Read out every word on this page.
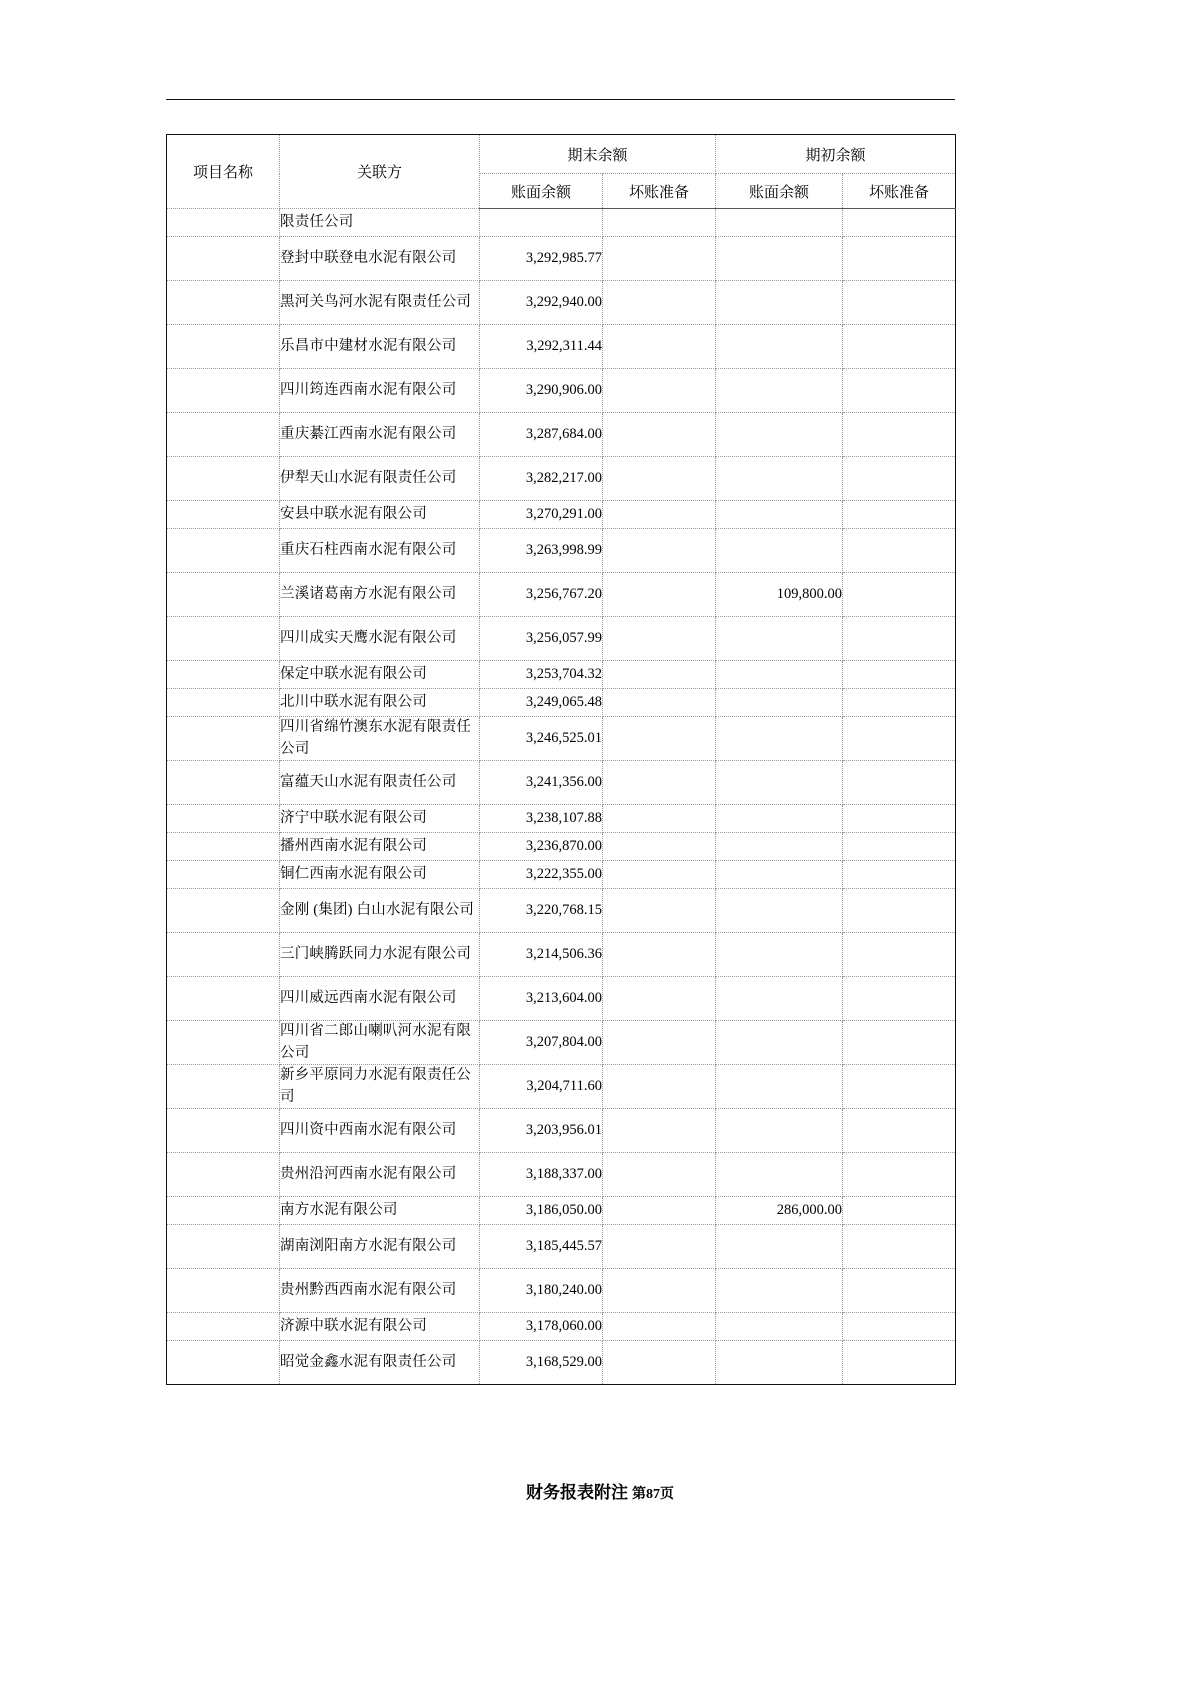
项目名称	关联方	期末余额		期初余额	
		账面余额	坏账准备	账面余额	坏账准备
	限责任公司				
	登封中联登电水泥有限公司	3,292,985.77			
	黑河关鸟河水泥有限责任公司	3,292,940.00			
	乐昌市中建材水泥有限公司	3,292,311.44			
	四川筠连西南水泥有限公司	3,290,906.00			
	重庆綦江西南水泥有限公司	3,287,684.00			
	伊犁天山水泥有限责任公司	3,282,217.00			
	安县中联水泥有限公司	3,270,291.00			
	重庆石柱西南水泥有限公司	3,263,998.99			
	兰溪诸葛南方水泥有限公司	3,256,767.20		109,800.00	
	四川成实天鹰水泥有限公司	3,256,057.99			
	保定中联水泥有限公司	3,253,704.32			
	北川中联水泥有限公司	3,249,065.48			
	四川省绵竹澳东水泥有限责任公司	3,246,525.01			
	富蕴天山水泥有限责任公司	3,241,356.00			
	济宁中联水泥有限公司	3,238,107.88			
	播州西南水泥有限公司	3,236,870.00			
	铜仁西南水泥有限公司	3,222,355.00			
	金刚 (集团) 白山水泥有限公司	3,220,768.15			
	三门峡腾跃同力水泥有限公司	3,214,506.36			
	四川威远西南水泥有限公司	3,213,604.00			
	四川省二郎山喇叭河水泥有限公司	3,207,804.00			
	新乡平原同力水泥有限责任公司	3,204,711.60			
	四川资中西南水泥有限公司	3,203,956.01			
	贵州沿河西南水泥有限公司	3,188,337.00			
	南方水泥有限公司	3,186,050.00		286,000.00	
	湖南浏阳南方水泥有限公司	3,185,445.57			
	贵州黔西西南水泥有限公司	3,180,240.00			
	济源中联水泥有限公司	3,178,060.00			
	昭觉金鑫水泥有限责任公司	3,168,529.00			
财务报表附注 第87页
